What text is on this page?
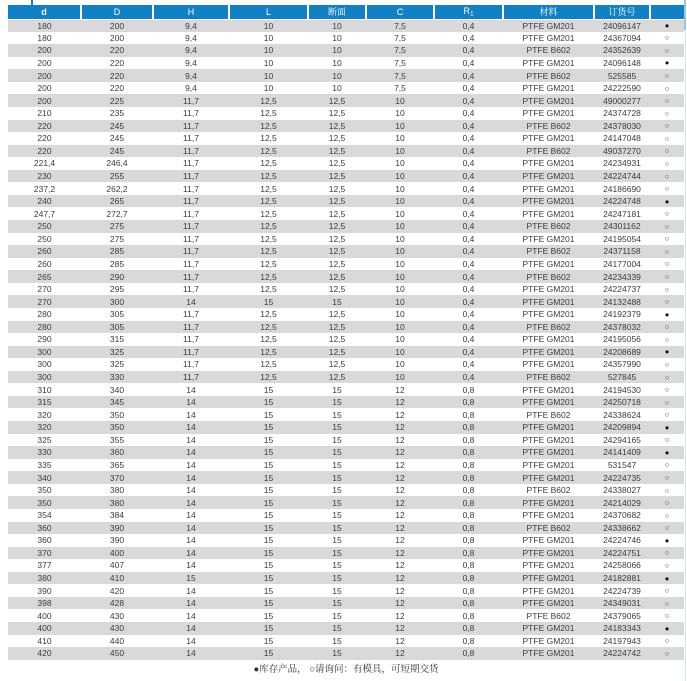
d	D	H	L	断面	C	$R_1$	材料	订货号	
180	200	9,4	10	10	7,5	0,4	PTFE GM201	24096147	●
180	200	9,4	10	10	7,5	0,4	PTFE GM201	24367094	○
200	220	9,4	10	10	7,5	0,4	PTFE B602	24352639	○
200	220	9,4	10	10	7,5	0,4	PTFE GM201	24096148	●
200	220	9,4	10	10	7,5	0,4	PTFE B602	525585	○
200	220	9,4	10	10	7,5	0,4	PTFE GM201	24222590	○
200	225	11,7	12,5	12,5	10	0,4	PTFE GM201	49000277	○
210	235	11,7	12,5	12,5	10	0,4	PTFE GM201	24374728	○
220	245	11,7	12,5	12,5	10	0,4	PTFE B602	24378030	○
220	245	11,7	12,5	12,5	10	0,4	PTFE GM201	24147048	○
220	245	11,7	12,5	12,5	10	0,4	PTFE B602	49037270	○
221,4	246,4	11,7	12,5	12,5	10	0,4	PTFE GM201	24234931	○
230	255	11,7	12,5	12,5	10	0,4	PTFE GM201	24224744	○
237,2	262,2	11,7	12,5	12,5	10	0,4	PTFE GM201	24186690	○
240	265	11,7	12,5	12,5	10	0,4	PTFE GM201	24224748	●
247,7	272,7	11,7	12,5	12,5	10	0,4	PTFE GM201	24247181	○
250	275	11,7	12,5	12,5	10	0,4	PTFE B602	24301162	○
250	275	11,7	12,5	12,5	10	0,4	PTFE GM201	24195054	○
260	285	11,7	12,5	12,5	10	0,4	PTFE B602	24371158	○
260	285	11,7	12,5	12,5	10	0,4	PTFE GM201	24177004	○
265	290	11,7	12,5	12,5	10	0,4	PTFE B602	24234339	○
270	295	11,7	12,5	12,5	10	0,4	PTFE GM201	24224737	○
270	300	14	15	15	10	0,4	PTFE GM201	24132488	○
280	305	11,7	12,5	12,5	10	0,4	PTFE GM201	24192379	●
280	305	11,7	12,5	12,5	10	0,4	PTFE B602	24378032	○
290	315	11,7	12,5	12,5	10	0,4	PTFE GM201	24195056	○
300	325	11,7	12,5	12,5	10	0,4	PTFE GM201	24208689	●
300	325	11,7	12,5	12,5	10	0,4	PTFE GM201	24357990	○
300	330	11,7	12,5	12,5	10	0,4	PTFE B602	527845	○
310	340	14	15	15	12	0,8	PTFE GM201	24194530	○
315	345	14	15	15	12	0,8	PTFE GM201	24250718	○
320	350	14	15	15	12	0,8	PTFE B602	24338624	○
320	350	14	15	15	12	0,8	PTFE GM201	24209894	●
325	355	14	15	15	12	0,8	PTFE GM201	24294165	○
330	360	14	15	15	12	0,8	PTFE GM201	24141409	●
335	365	14	15	15	12	0,8	PTFE GM201	531547	○
340	370	14	15	15	12	0,8	PTFE GM201	24224735	○
350	380	14	15	15	12	0,8	PTFE B602	24338027	○
350	380	14	15	15	12	0,8	PTFE GM201	24214029	○
354	384	14	15	15	12	0,8	PTFE GM201	24370682	○
360	390	14	15	15	12	0,8	PTFE B602	24338662	○
360	390	14	15	15	12	0,8	PTFE GM201	24224746	●
370	400	14	15	15	12	0,8	PTFE GM201	24224751	○
377	407	14	15	15	12	0,8	PTFE GM201	24258066	○
380	410	15	15	15	12	0,8	PTFE GM201	24182881	●
390	420	14	15	15	12	0,8	PTFE GM201	24224739	○
398	428	14	15	15	12	0,8	PTFE GM201	24349031	○
400	430	14	15	15	12	0,8	PTFE B602	24379065	○
400	430	14	15	15	12	0,8	PTFE GM201	24183343	●
410	440	14	15	15	12	0,8	PTFE GM201	24197943	○
420	450	14	15	15	12	0,8	PTFE GM201	24224742	○
●库存产品， ○请询问：有模具，可短期交货
